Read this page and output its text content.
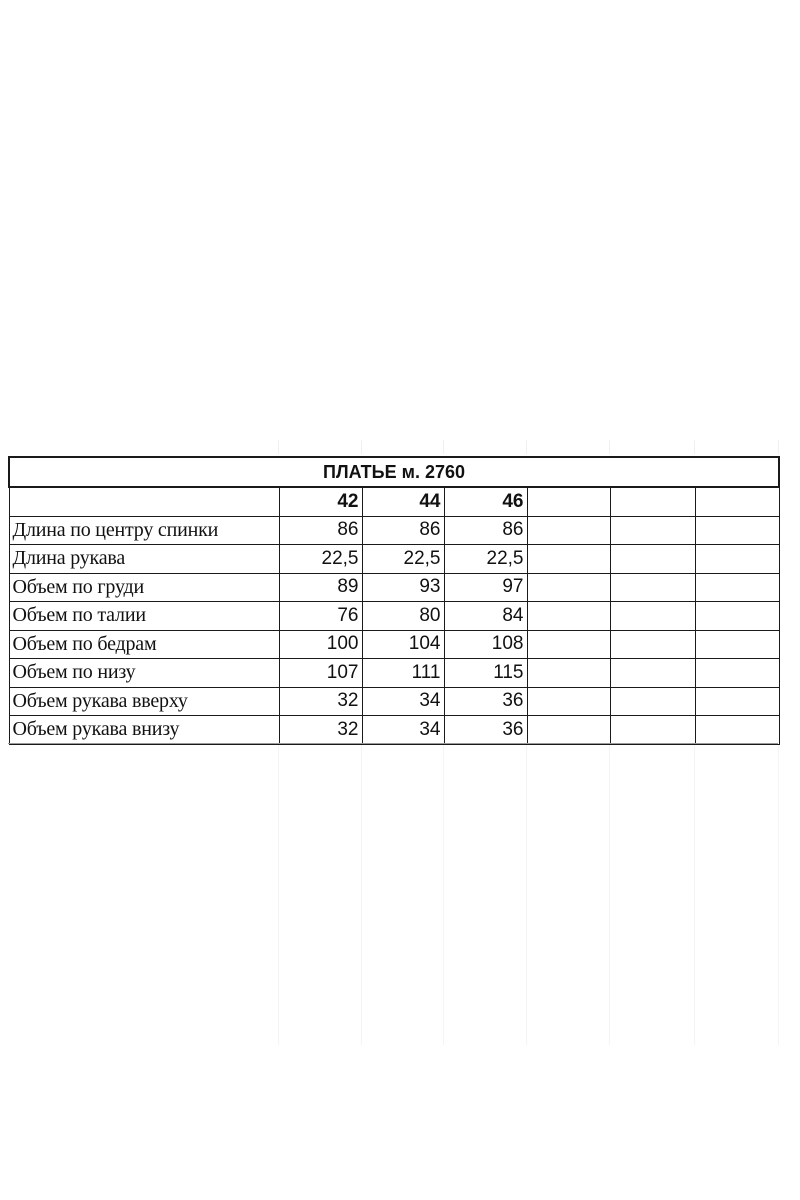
ПЛАТЬЕ м. 2760						
	42	44	46			
Длина по центру спинки	86	86	86			
Длина рукава	22,5	22,5	22,5			
Объем по груди	89	93	97			
Объем по талии	76	80	84			
Объем по бедрам	100	104	108			
Объем по низу	107	111	115			
Объем рукава вверху	32	34	36			
Объем рукава внизу	32	34	36			
